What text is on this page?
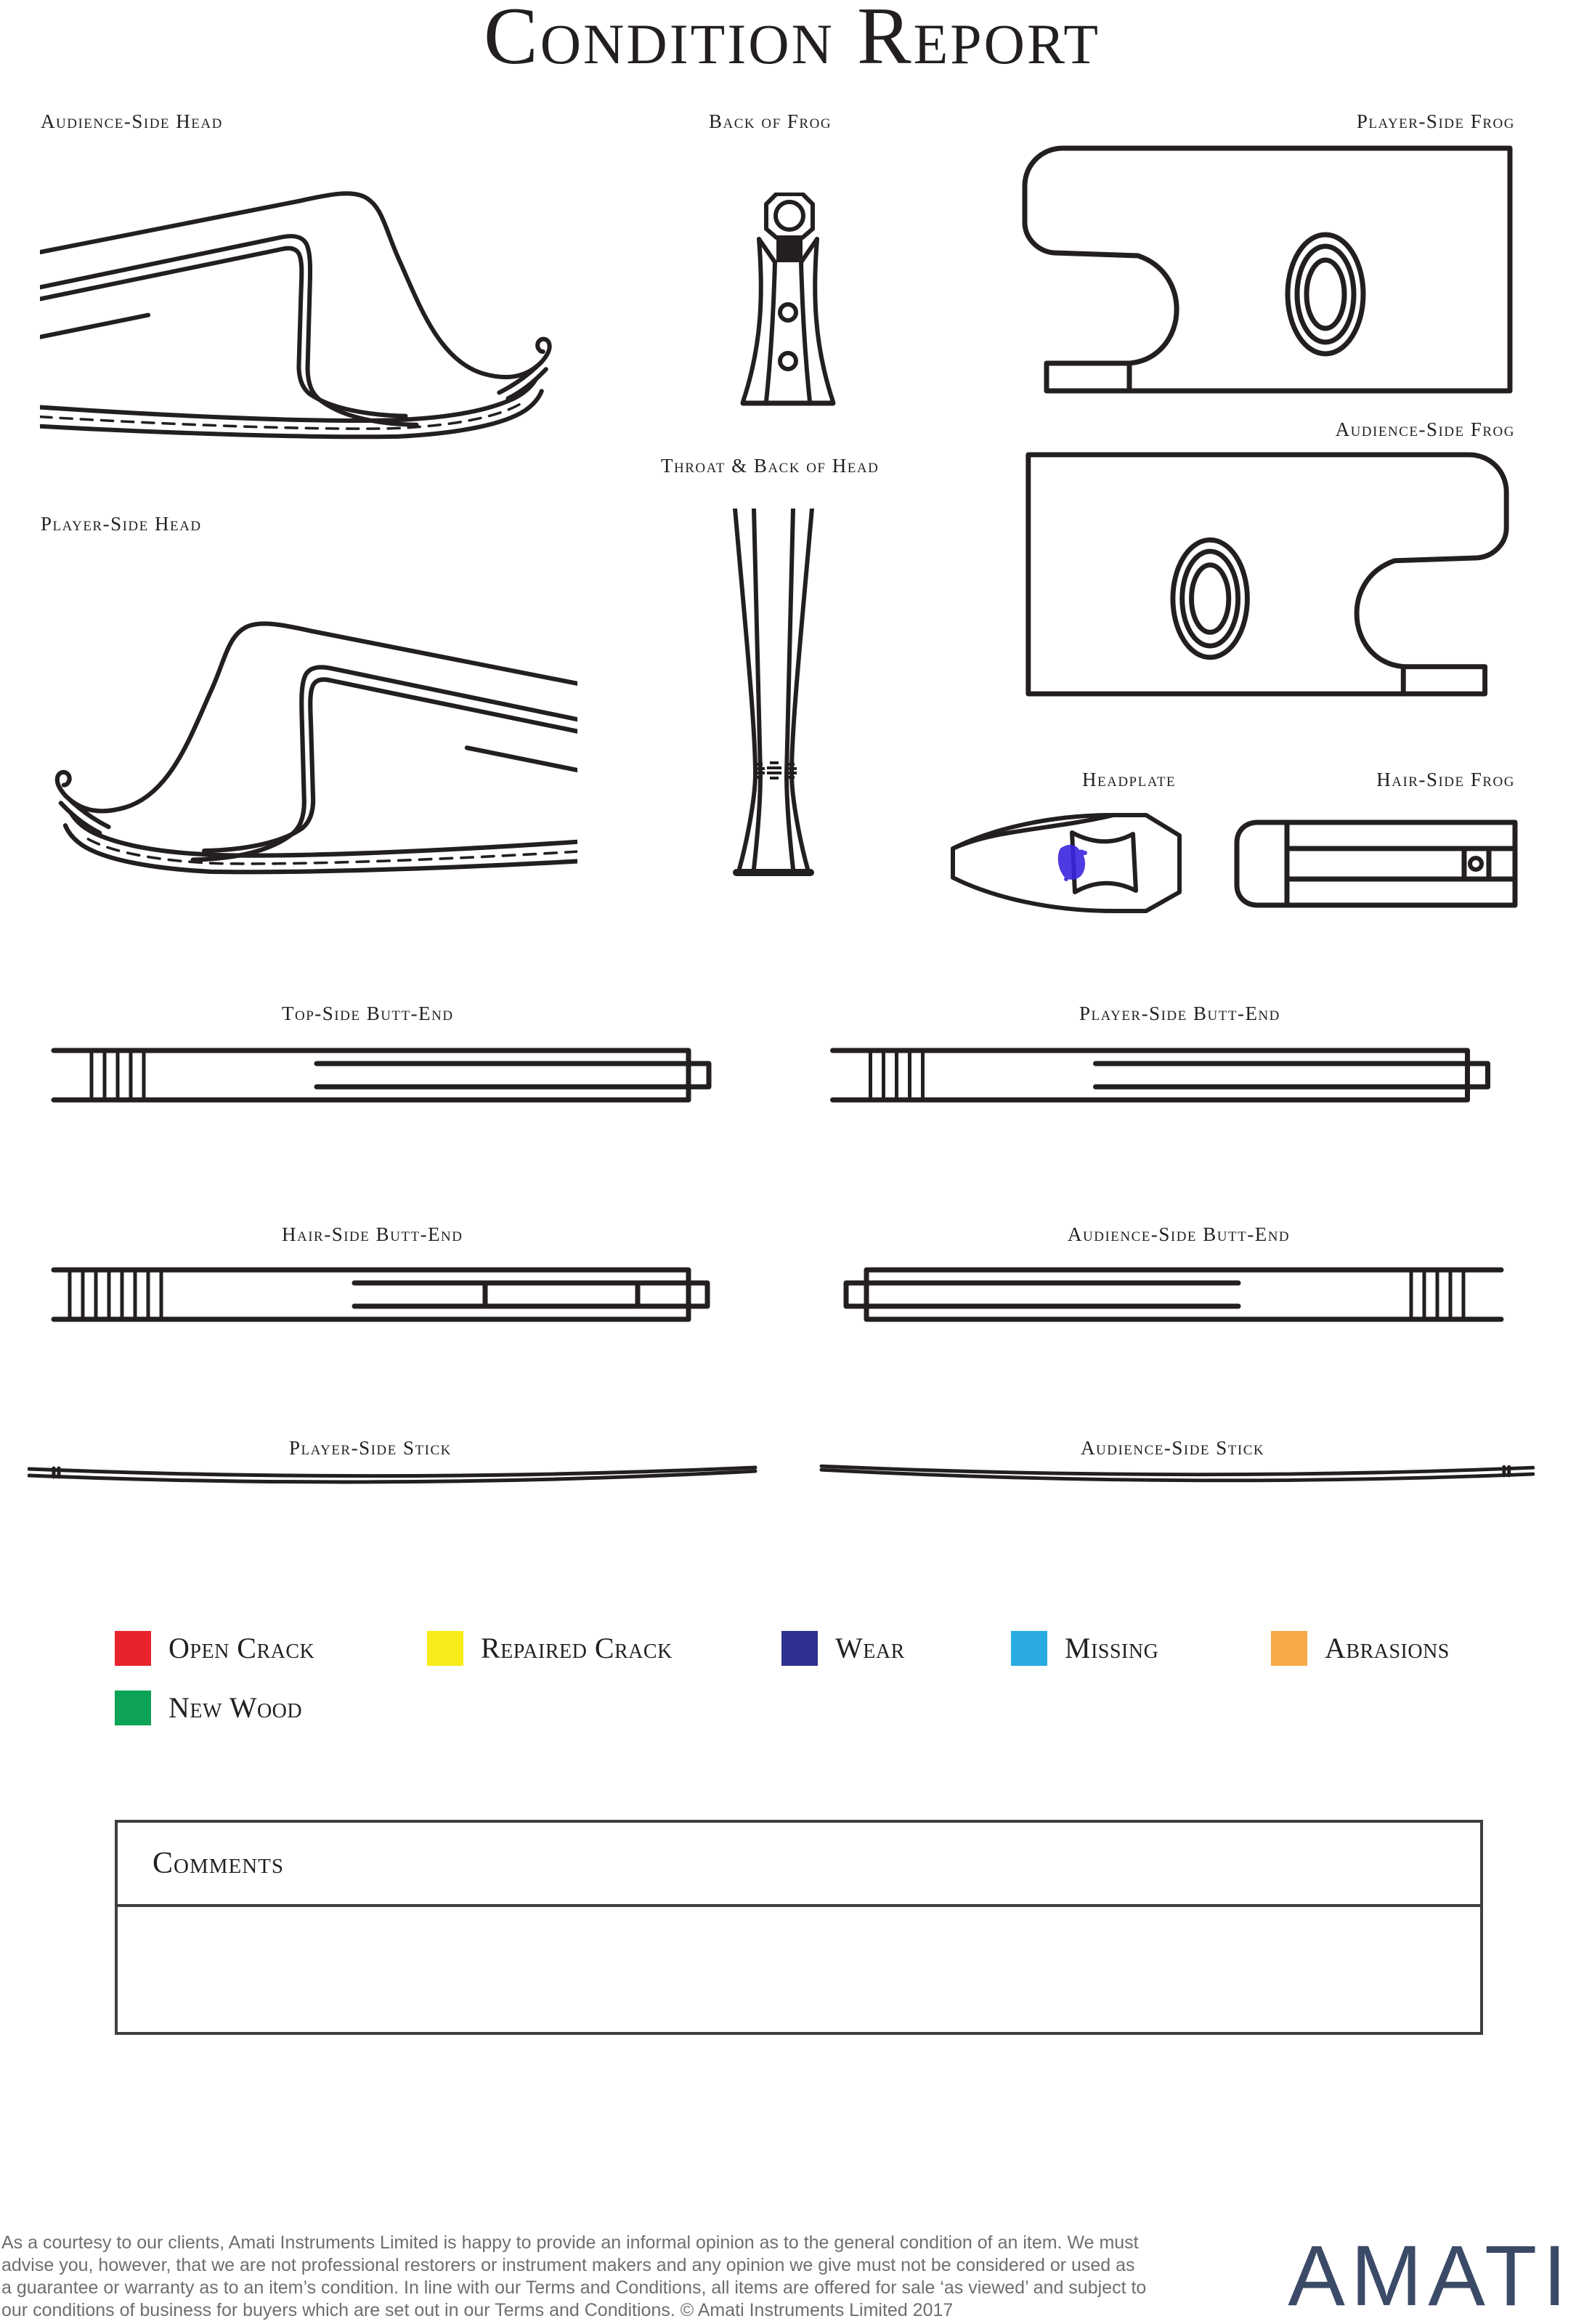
Condition Report
Audience-Side Head	Back of Frog	Player-Side Frog
Audience-Side Frog
Player-Side Head
Throat & Back of Head
Headplate	Hair-Side Frog
Top-Side Butt-End	Player-Side Butt-End
Hair-Side Butt-End	Audience-Side Butt-End
Player-Side Stick	Audience-Side Stick
Open Crack	Repaired Crack	Wear	Missing	Abrasions
New Wood
Comments
As a courtesy to our clients, Amati Instruments Limited is happy to provide an informal opinion as to the general condition of an item. We must
advise you, however, that we are not professional restorers or instrument makers and any opinion we give must not be considered or used as
a guarantee or warranty as to an item’s condition. In line with our Terms and Conditions, all items are offered for sale ‘as viewed’ and subject to
our conditions of business for buyers which are set out in our Terms and Conditions. © Amati Instruments Limited 2017	AMATI
